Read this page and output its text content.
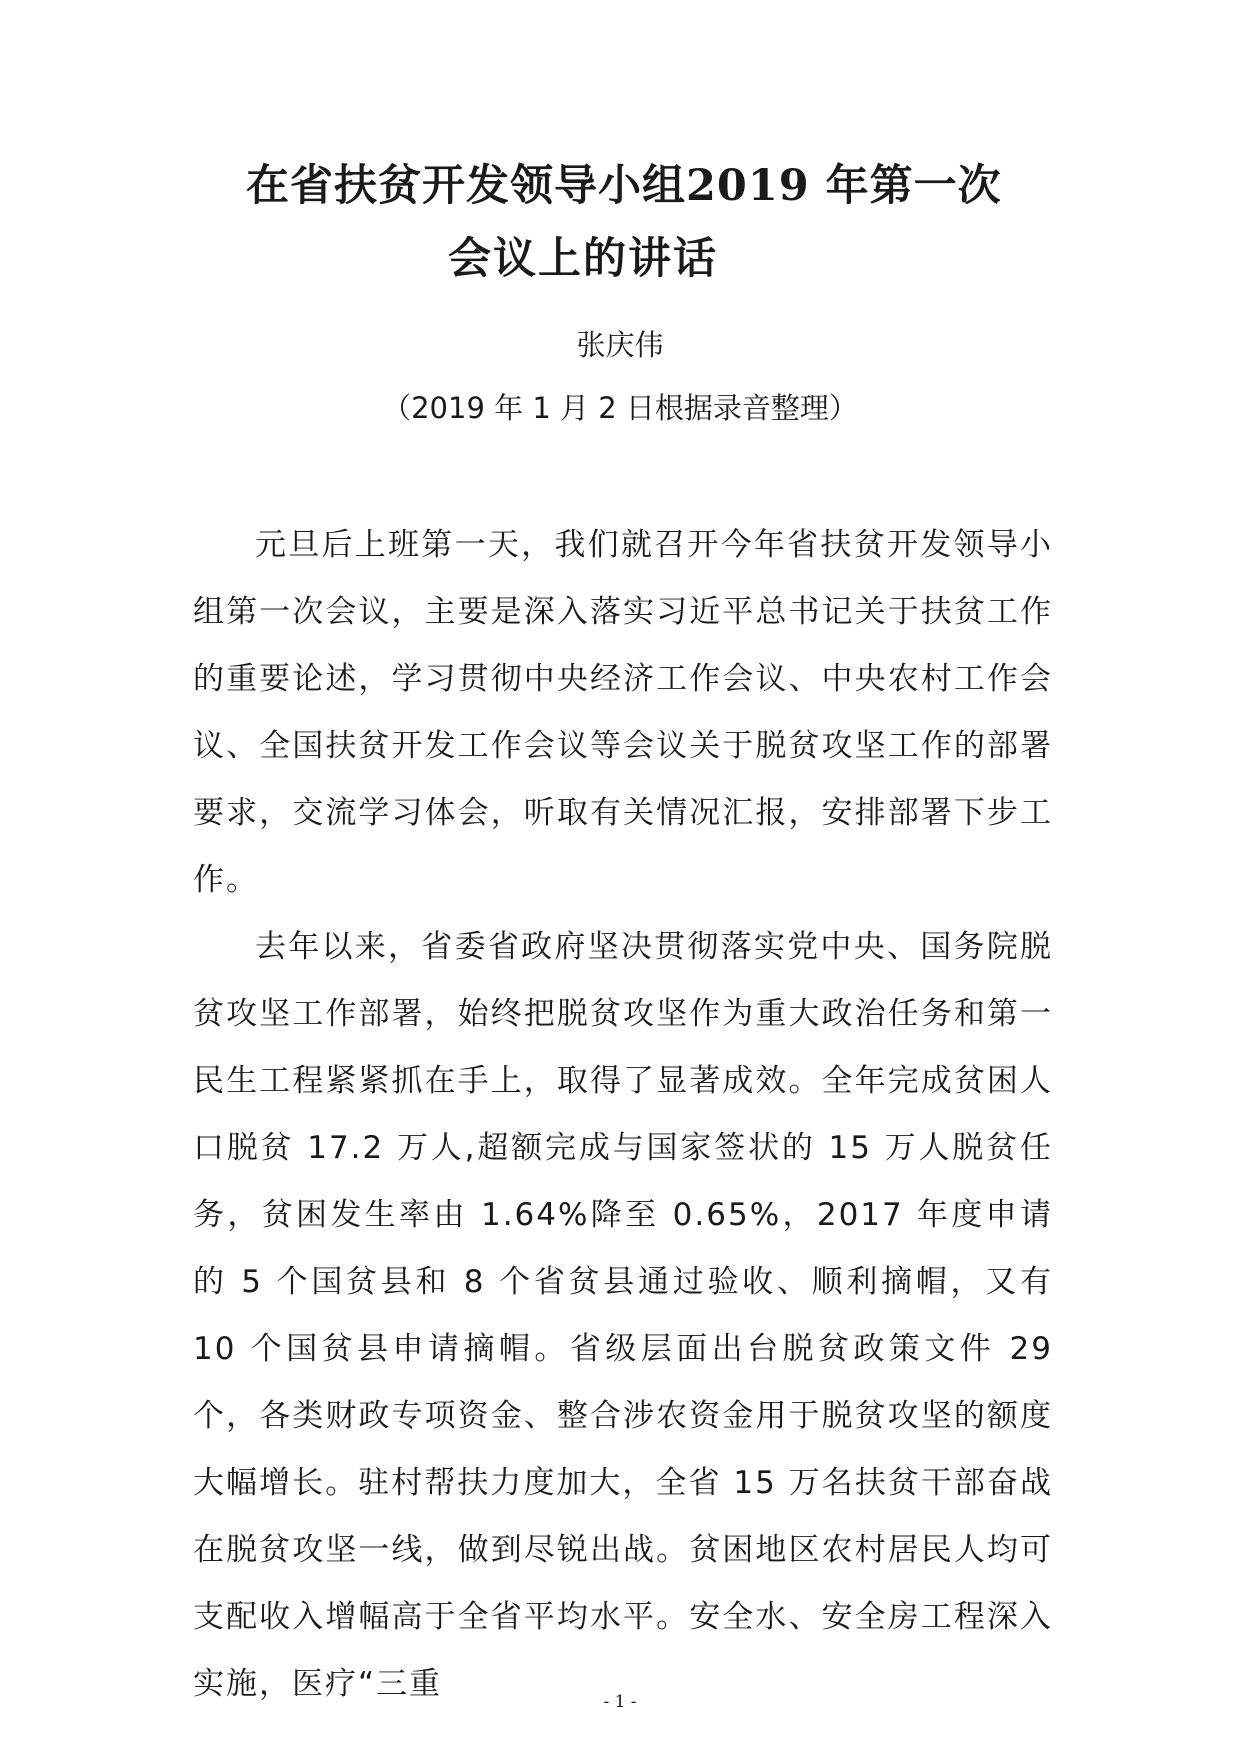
在省扶贫开发领导小组2019 年第一次
会议上的讲话
张庆伟
（2019 年 1 月 2 日根据录音整理）

元旦后上班第一天，我们就召开今年省扶贫开发领导小组第一次会议，主要是深入落实习近平总书记关于扶贫工作的重要论述，学习贯彻中央经济工作会议、中央农村工作会议、全国扶贫开发工作会议等会议关于脱贫攻坚工作的部署要求，交流学习体会，听取有关情况汇报，安排部署下步工作。

去年以来，省委省政府坚决贯彻落实党中央、国务院脱贫攻坚工作部署，始终把脱贫攻坚作为重大政治任务和第一民生工程紧紧抓在手上，取得了显著成效。全年完成贫困人口脱贫 17.2 万人,超额完成与国家签状的 15 万人脱贫任务，贫困发生率由 1.64%降至 0.65%，2017 年度申请的 5 个国贫县和 8 个省贫县通过验收、顺利摘帽，又有 10 个国贫县申请摘帽。省级层面出台脱贫政策文件 29 个，各类财政专项资金、整合涉农资金用于脱贫攻坚的额度大幅增长。驻村帮扶力度加大，全省 15 万名扶贫干部奋战在脱贫攻坚一线，做到尽锐出战。贫困地区农村居民人均可支配收入增幅高于全省平均水平。安全水、安全房工程深入实施，医疗“三重	- 1 -
